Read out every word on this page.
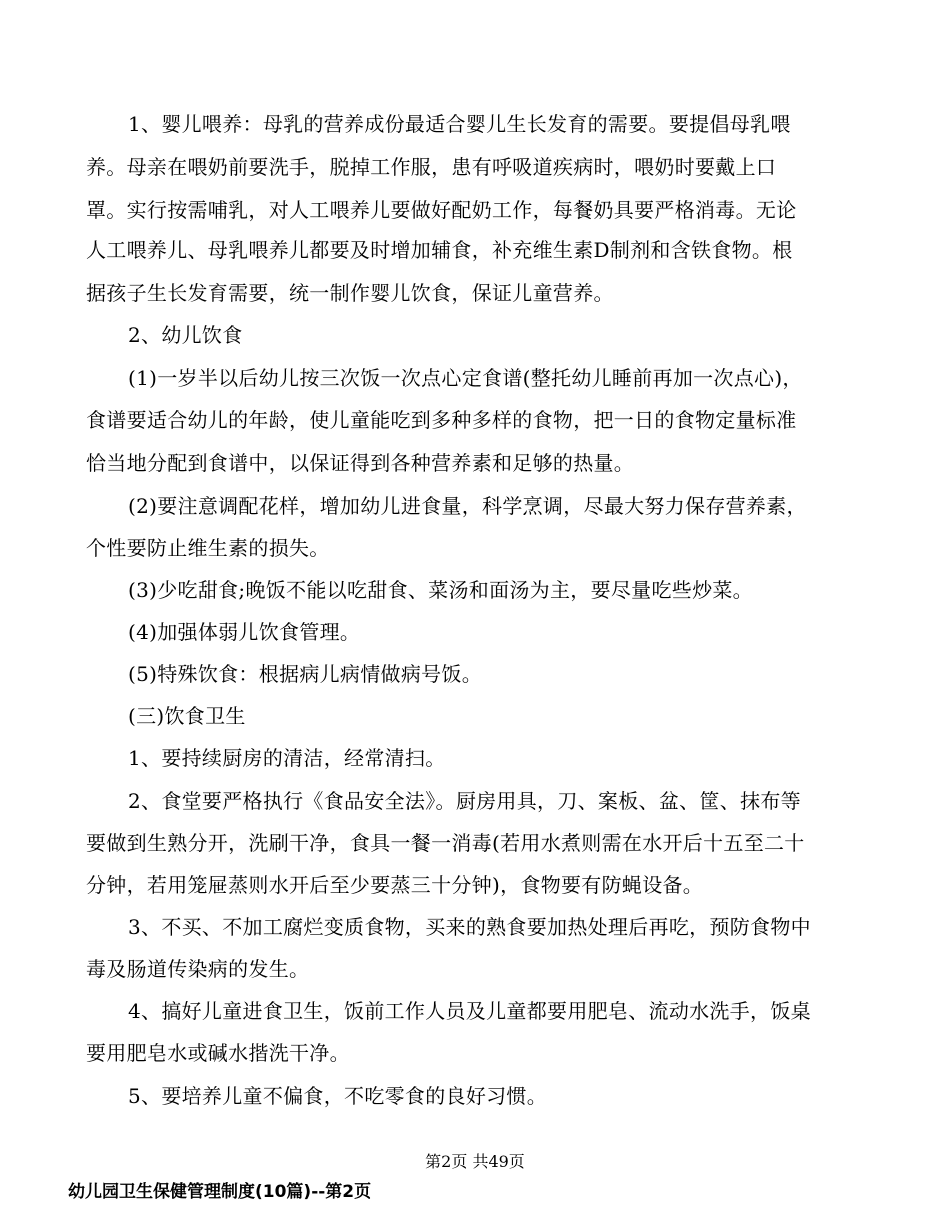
1、婴儿喂养：母乳的营养成份最适合婴儿生长发育的需要。要提倡母乳喂
养。母亲在喂奶前要洗手，脱掉工作服，患有呼吸道疾病时，喂奶时要戴上口
罩。实行按需哺乳，对人工喂养儿要做好配奶工作，每餐奶具要严格消毒。无论
人工喂养儿、母乳喂养儿都要及时增加辅食，补充维生素D制剂和含铁食物。根
据孩子生长发育需要，统一制作婴儿饮食，保证儿童营养。
2、幼儿饮食
(1)一岁半以后幼儿按三次饭一次点心定食谱(整托幼儿睡前再加一次点心)，
食谱要适合幼儿的年龄，使儿童能吃到多种多样的食物，把一日的食物定量标准
恰当地分配到食谱中，以保证得到各种营养素和足够的热量。
(2)要注意调配花样，增加幼儿进食量，科学烹调，尽最大努力保存营养素，
个性要防止维生素的损失。
(3)少吃甜食;晚饭不能以吃甜食、菜汤和面汤为主，要尽量吃些炒菜。
(4)加强体弱儿饮食管理。
(5)特殊饮食：根据病儿病情做病号饭。
(三)饮食卫生
1、要持续厨房的清洁，经常清扫。
2、食堂要严格执行《食品安全法》。厨房用具，刀、案板、盆、筐、抹布等
要做到生熟分开，洗刷干净，食具一餐一消毒(若用水煮则需在水开后十五至二十
分钟，若用笼屉蒸则水开后至少要蒸三十分钟)，食物要有防蝇设备。
3、不买、不加工腐烂变质食物，买来的熟食要加热处理后再吃，预防食物中
毒及肠道传染病的发生。
4、搞好儿童进食卫生，饭前工作人员及儿童都要用肥皂、流动水洗手，饭桌
要用肥皂水或碱水揩洗干净。
5、要培养儿童不偏食，不吃零食的良好习惯。
第2页 共49页
幼儿园卫生保健管理制度(10篇)--第2页
